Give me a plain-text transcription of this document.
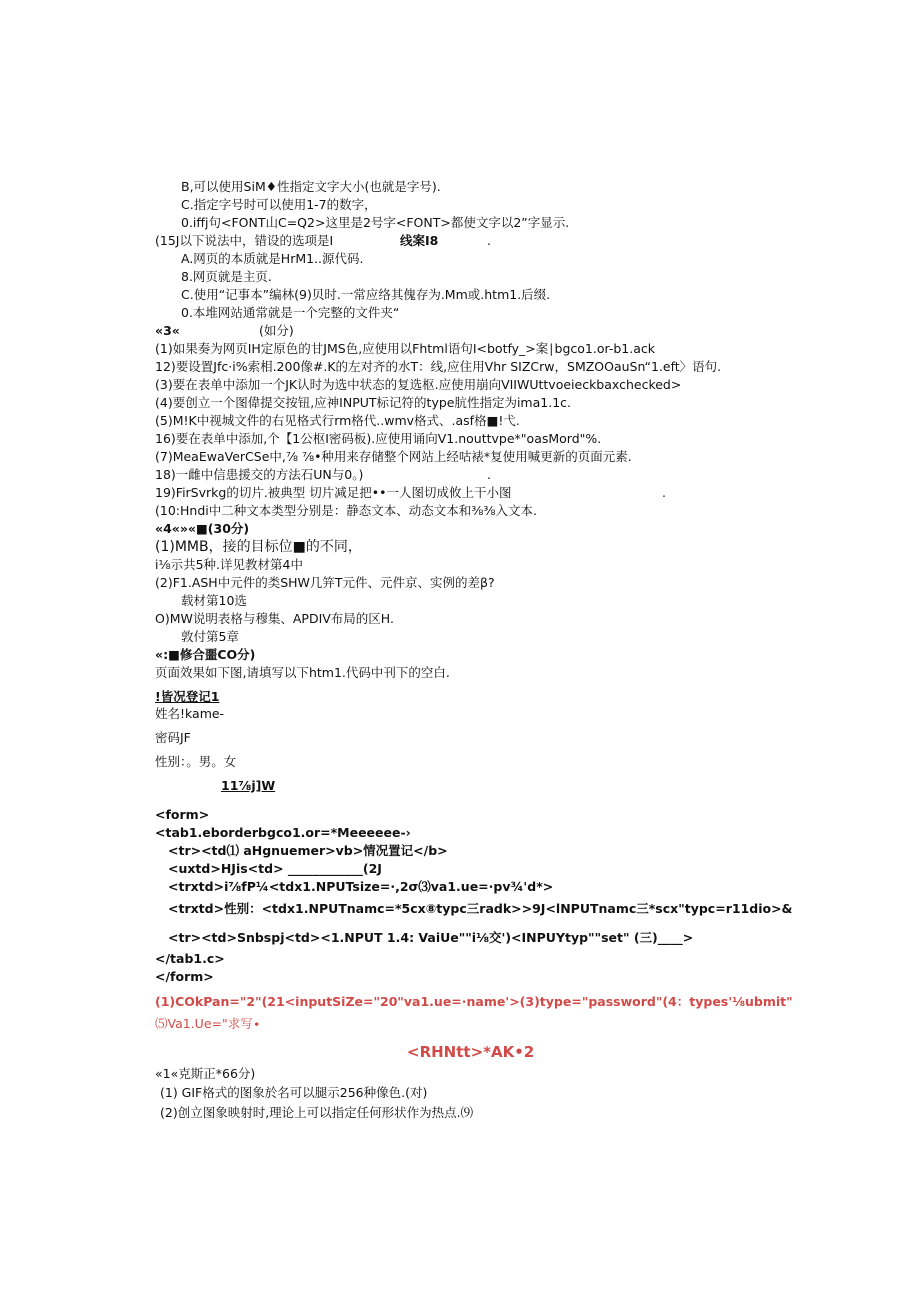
B,可以使用SiM♦性指定文字大小(也就是字号).
C.指定字号时可以使用1-7的数字，
0.iffj句<FONT山C=Q2>这里是2号字<FONT>都使文字以2”字显示.
(15J以下说法中，错设的选项是I	线案I8	.
A.网页的本质就是HrM1..源代码.
8.网页就是主页.
C.使用“记事本”编林(9)贝时.一常应络其傀存为.Mm或.htm1.后缀.
0.本堆网站通常就是一个完整的文件夹“
«3«	(如分)
(1)如果奏为网页IH定原色的甘JMS色,应使用以Fhtml语句I<botfy_>案∣bgco1.or-b1.ack
12)要设置Jfc·i%索相.200像#.K的左对齐的水T：线,应住用Vhr SIZCrw，SMZOOauSn“1.eft〉语句.
(3)要在表单中添加一个JK认时为选中状态的复选枢.应使用崩向VIIWUttvoeieckbaxchecked>
(4)要创立一个图偉提交按钮,应神INPUT标记符的type肮性指定为ima1.1c.
(5)M!K中视城文件的右见格式行rm格代..wmv格式、.asf格■!弋.
16)要在表单中添加,个【1公枢I密码板).应使用诵向V1.nouttvpe*"oasMord"%.
(7)MeaEwaVerCSe中,⅞ ⅞•种用来存储整个网站上经咕裱*复使用喊更新的页面元素.
18)一雌中信患援交的方法石UN与0。)	.
19)FirSvrkg的切片.被典型 切片减足把••一人图切成攸上干小图	.
(10:Hndi中二种文本类型分别是：静态文本、动态文本和⅜⅜入文本.
«4«»«■(30分)
(1)MMB，接的目标位■的不同，
i⅛示共5种.详见教材第4中
(2)F1.ASH中元件的类SHW几笄T元件、元件京、实例的差β?
载材第10选
O)MW说明表格与穆集、APDIV布局的区H.
敦付第5章
«:■修合噩CO分)
页面效果如下图,请填写以下htm1.代码中刊下的空白.
!皆况登记1
姓名!kame-
密码JF
性别：。男。女
11⅞j]W
<form>
<tab1.eborderbgco1.or=*Meeeeee-›
<tr><td⑴ aHgnuemer>vb>情况置记</b>
<uxtd>HJis<td> ____________(2J
<trxtd>i⅞fP¼<tdx1.NPUTsize=∙,2σ⑶va1.ue=∙pv¾'d*>
<trxtd>性别：<tdx1.NPUTnamc=*5cx⑧typc三radk>>9J<lNPUTnamc三*scx"typc=r11dio>&
<tr><td>Snbspj<td><1.NPUT 1.4: VaiUe""i⅛交')<INPUYtyp""set" (三)____>
</tab1.c>
</form>
(1)COkPan="2"(21<inputSiZe="20"va1.ue=∙name'>(3)type="password"(4：types'⅛ubmit"
⑸Va1.Ue="求写∙
<RHNtt>*AK•2
«1«克斯正*66分)
(1) GIF格式的图象於名可以腿示256种像色.(对)
(2)创立图象映射时,理论上可以指定任何形状作为热点.⑼
